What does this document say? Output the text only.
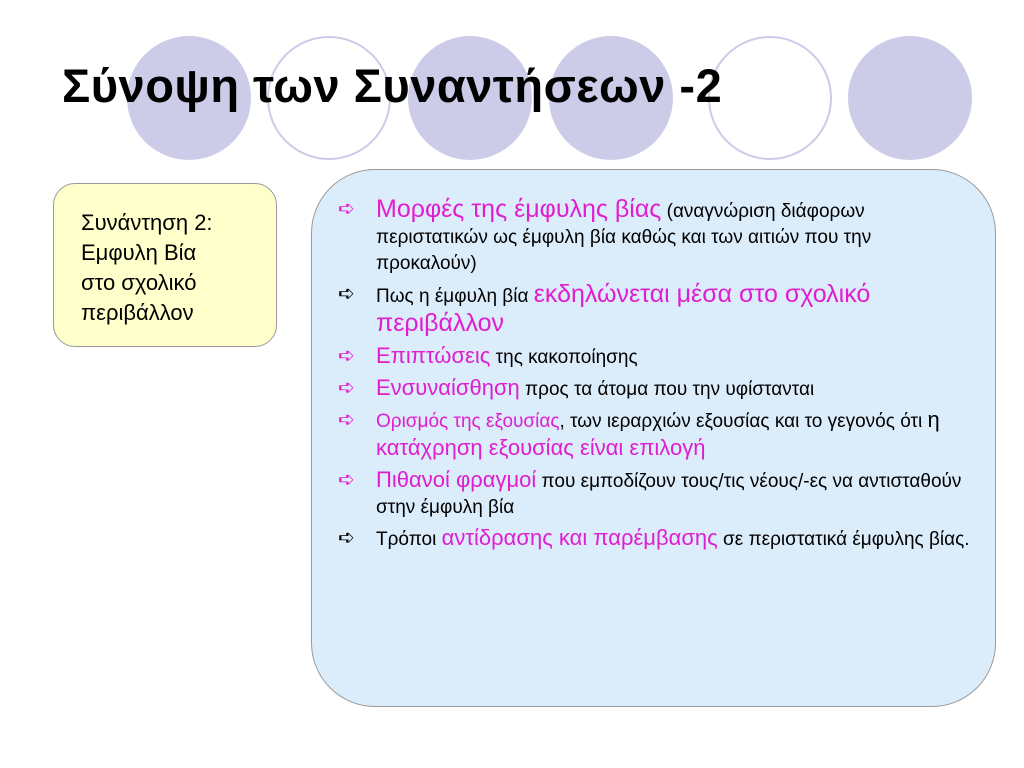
Σύνοψη των Συναντήσεων -2
Συνάντηση 2:
Εμφυλη Βία
στο σχολικό
περιβάλλον
➪ Μορφές της έμφυλης βίας (αναγνώριση διάφορων περιστατικών ως έμφυλη βία καθώς και των αιτιών που την προκαλούν)
➪	Πως η έμφυλη βία εκδηλώνεται μέσα στο σχολικό περιβάλλον
➪ Επιπτώσεις της κακοποίησης
➪ Ενσυναίσθηση προς τα άτομα που την υφίστανται
➪	Ορισμός της εξουσίας, των ιεραρχιών εξουσίας και το γεγονός ότι η κατάχρηση εξουσίας είναι επιλογή
➪ Πιθανοί φραγμοί που εμποδίζουν τους/τις νέους/-ες να αντισταθούν στην έμφυλη βία
➪	Τρόποι αντίδρασης και παρέμβασης σε περιστατικά έμφυλης βίας.
